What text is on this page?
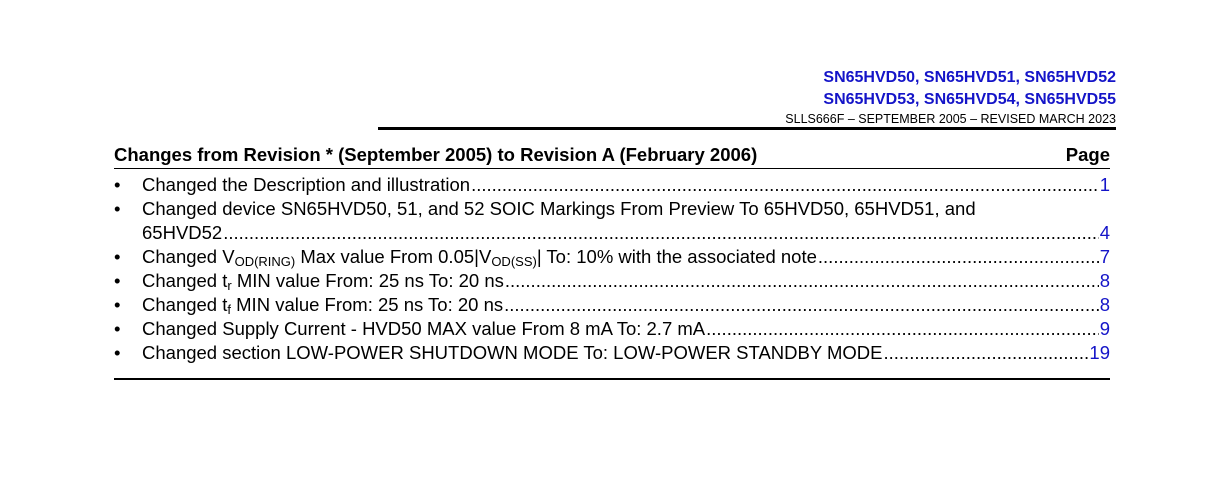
SN65HVD50, SN65HVD51, SN65HVD52
SN65HVD53, SN65HVD54, SN65HVD55
SLLS666F – SEPTEMBER 2005 – REVISED MARCH 2023
Changes from Revision * (September 2005) to Revision A (February 2006)	Page
• Changed the Description and illustration .....	1
• Changed device SN65HVD50, 51, and 52 SOIC Markings From Preview To 65HVD50, 65HVD51, and
65HVD52 .....	4
• Changed $V_{OD(RING)}$ Max value From $0.05|V_{OD(SS)}|$ To: 10% with the associated note .....	7
• Changed $t_r$ MIN value From: 25 ns To: 20 ns .....	8
• Changed $t_f$ MIN value From: 25 ns To: 20 ns .....	8
• Changed Supply Current - HVD50 MAX value From 8 mA To: 2.7 mA .....	9
• Changed section LOW-POWER SHUTDOWN MODE To: LOW-POWER STANDBY MODE .....	19
